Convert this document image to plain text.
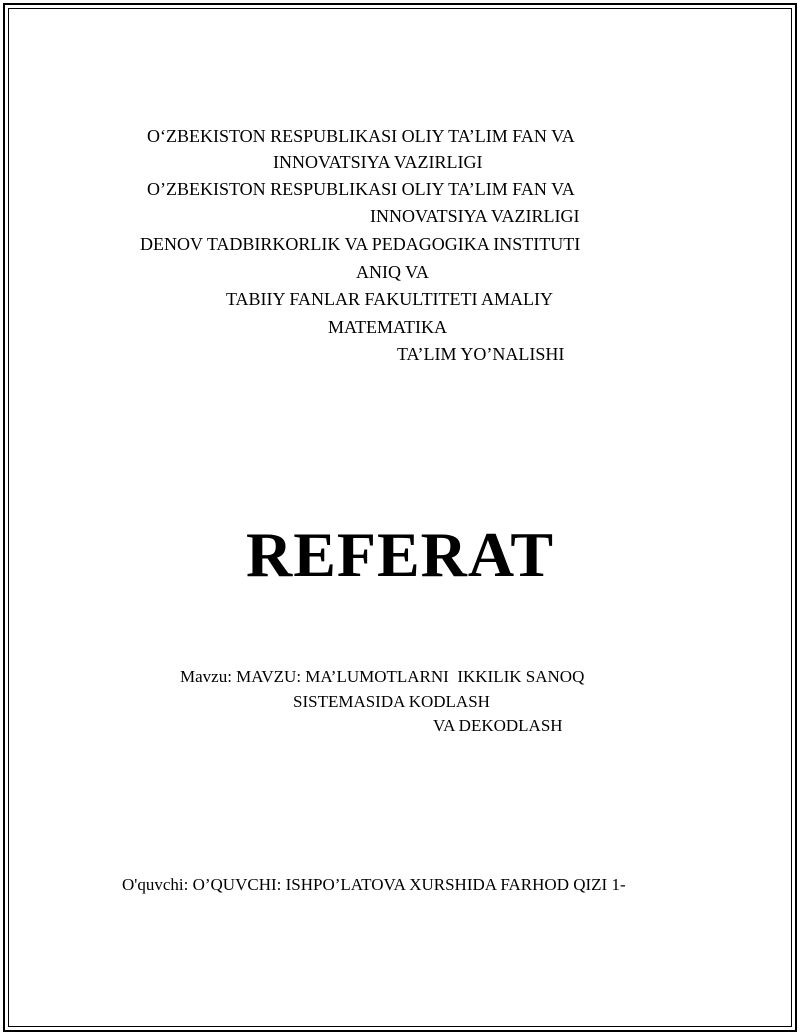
O‘ZBEKISTON RESPUBLIKASI OLIY TA’LIM FAN VA
INNOVATSIYA VAZIRLIGI
O’ZBEKISTON RESPUBLIKASI OLIY TA’LIM FAN VA
INNOVATSIYA VAZIRLIGI
DENOV TADBIRKORLIK VA PEDAGOGIKA INSTITUTI
ANIQ VA
TABIIY FANLAR FAKULTITETI AMALIY
MATEMATIKA
TA’LIM YO’NALISHI
REFERAT
Mavzu: MAVZU: MA’LUMOTLARNI  IKKILIK SANOQ
SISTEMASIDA KODLASH
VA DEKODLASH
O'quvchi: O’QUVCHI: ISHPO’LATOVA XURSHIDA FARHOD QIZI 1-
